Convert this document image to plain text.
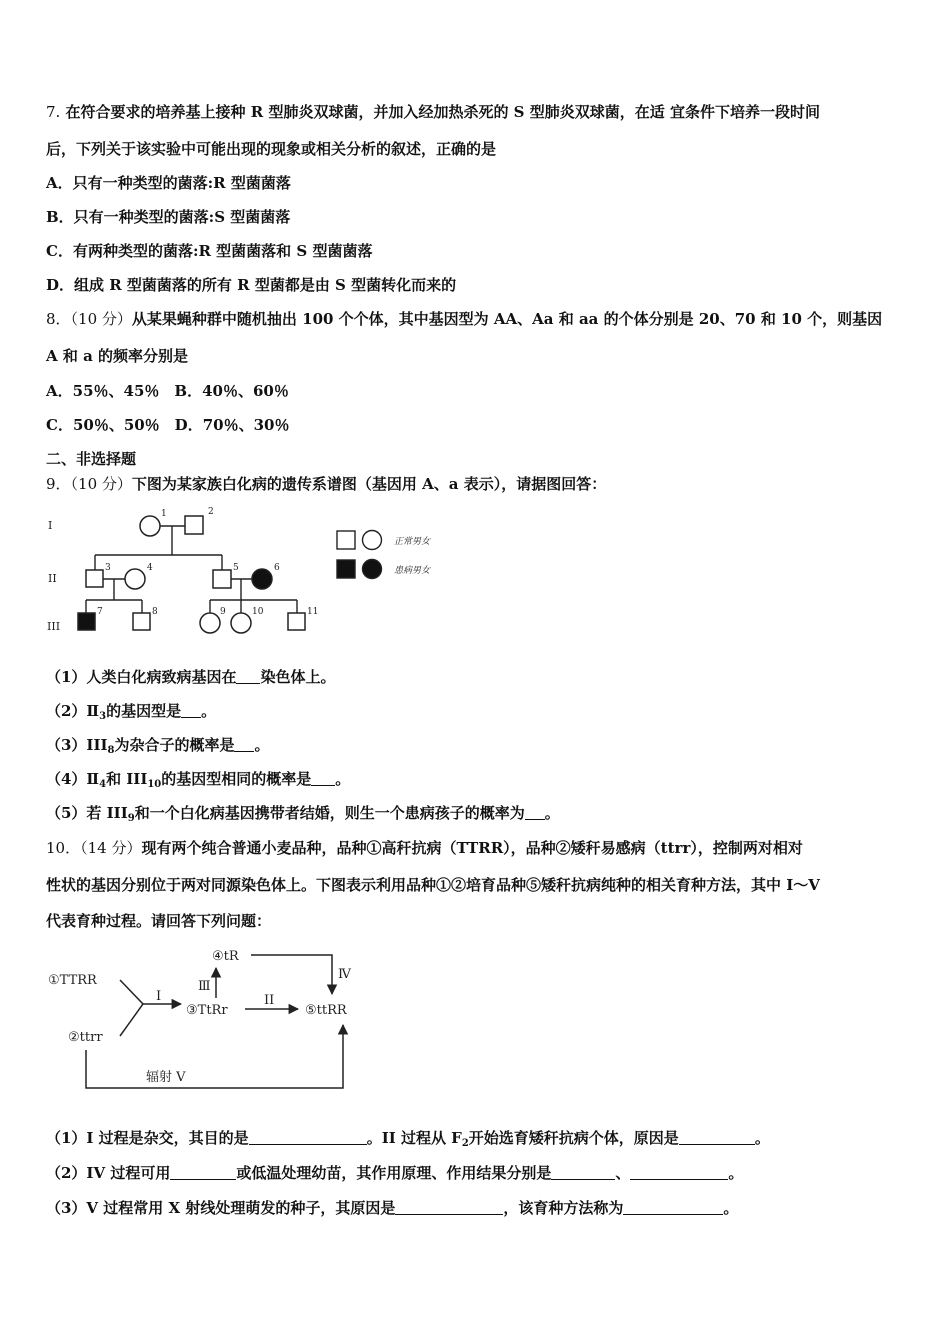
7. 在符合要求的培养基上接种 R 型肺炎双球菌，并加入经加热杀死的 S 型肺炎双球菌，在适 宜条件下培养一段时间
后，下列关于该实验中可能出现的现象或相关分析的叙述，正确的是
A．只有一种类型的菌落:R 型菌菌落
B．只有一种类型的菌落:S 型菌菌落
C．有两种类型的菌落:R 型菌菌落和 S 型菌菌落
D．组成 R 型菌菌落的所有 R 型菌都是由 S 型菌转化而来的
8．（10 分）从某果蝇种群中随机抽出 100 个个体，其中基因型为 AA、Aa 和 aa 的个体分别是 20、70 和 10 个，则基因
A 和 a 的频率分别是
A．55％、45％　B．40％、60％
C．50％、50％　D．70％、30％
二、非选择题
9．（10 分）下图为某家族白化病的遗传系谱图（基因用 A、a 表示），请据图回答：
I
II
III
1	2
3	4	5	6
7	8	9	10	11
正常男女
患病男女
（1）人类白化病致病基因在 染色体上。
$(2)Ⅱ_3$的基因型是 。
$(3)III_8$为杂合子的概率是 。
$(4)Ⅱ_4$和 $III_{10}$的基因型相同的概率是 。
（5）若 $III_9$和一个白化病基因携带者结婚，则生一个患病孩子的概率为 。
10．（14 分）现有两个纯合普通小麦品种，品种①高秆抗病（TTRR），品种②矮秆易感病（ttrr），控制两对相对
性状的基因分别位于两对同源染色体上。下图表示利用品种①②培育品种⑤矮秆抗病纯种的相关育种方法，其中 I～V
代表育种过程。请回答下列问题：
①TTRR
②ttrr
③TtRr
④tR
⑤ttRR
I	II
Ⅲ
Ⅳ
辐射 V
（1）I 过程是杂交，其目的是	。II 过程从 $F_2$开始选育矮秆抗病个体，原因是	。
（2）IV 过程可用	或低温处理幼苗，其作用原理、作用结果分别是	、	。
（3）V 过程常用 X 射线处理萌发的种子，其原因是	，该育种方法称为	。
